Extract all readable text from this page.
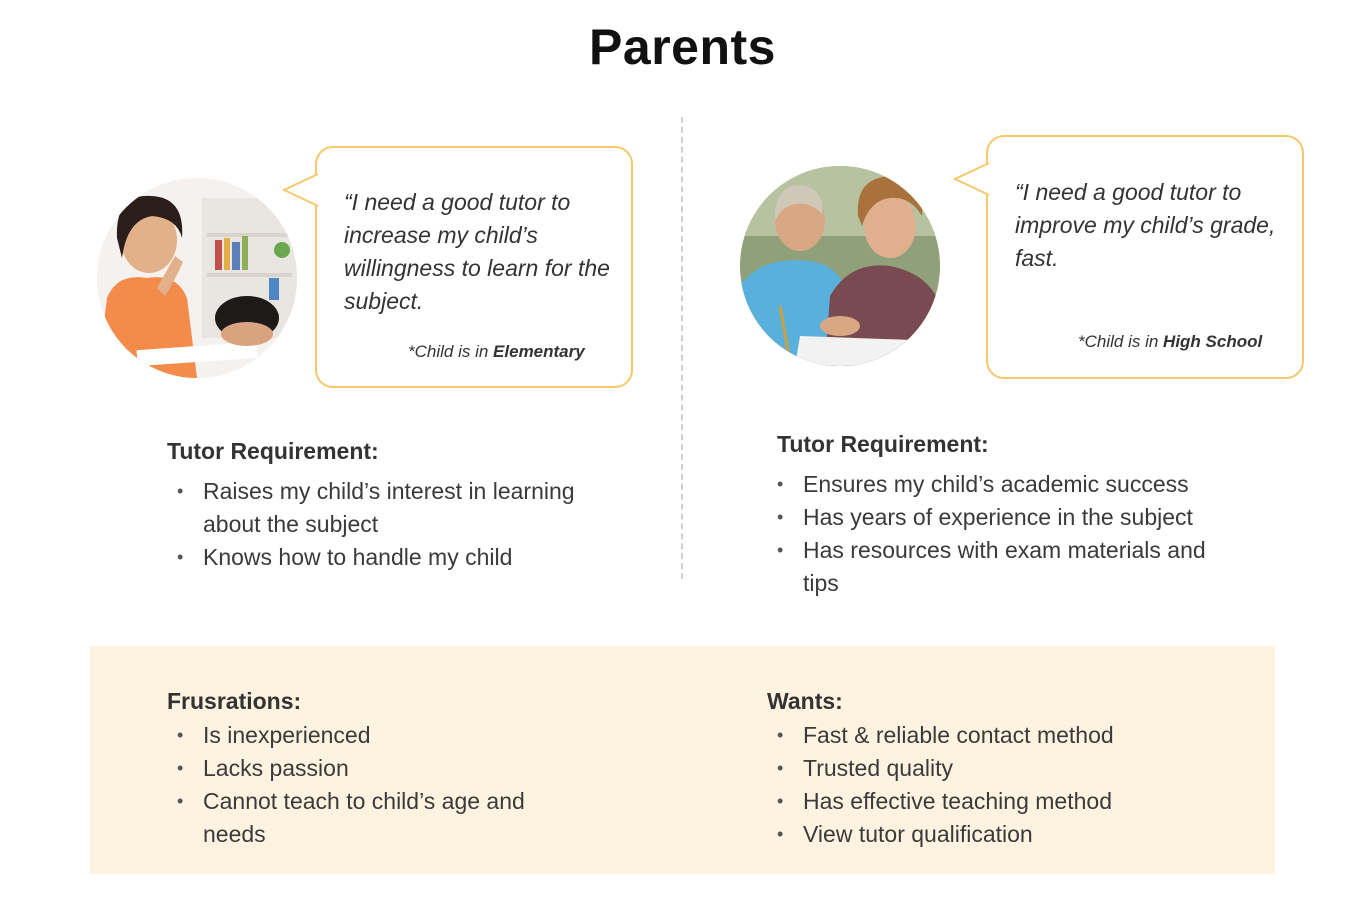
Parents
“I need a good tutor to increase my child’s willingness to learn for the subject.
*Child is in Elementary
Tutor Requirement:
• Raises my child’s interest in learning about the subject
• Knows how to handle my child
“I need a good tutor to improve my child’s grade, fast.
*Child is in High School
Tutor Requirement:
• Ensures my child’s academic success
• Has years of experience in the subject
• Has resources with exam materials and tips
Frusrations:
• Is inexperienced
• Lacks passion
• Cannot teach to child’s age and needs
Wants:
• Fast & reliable contact method
• Trusted quality
• Has effective teaching method
• View tutor qualification
